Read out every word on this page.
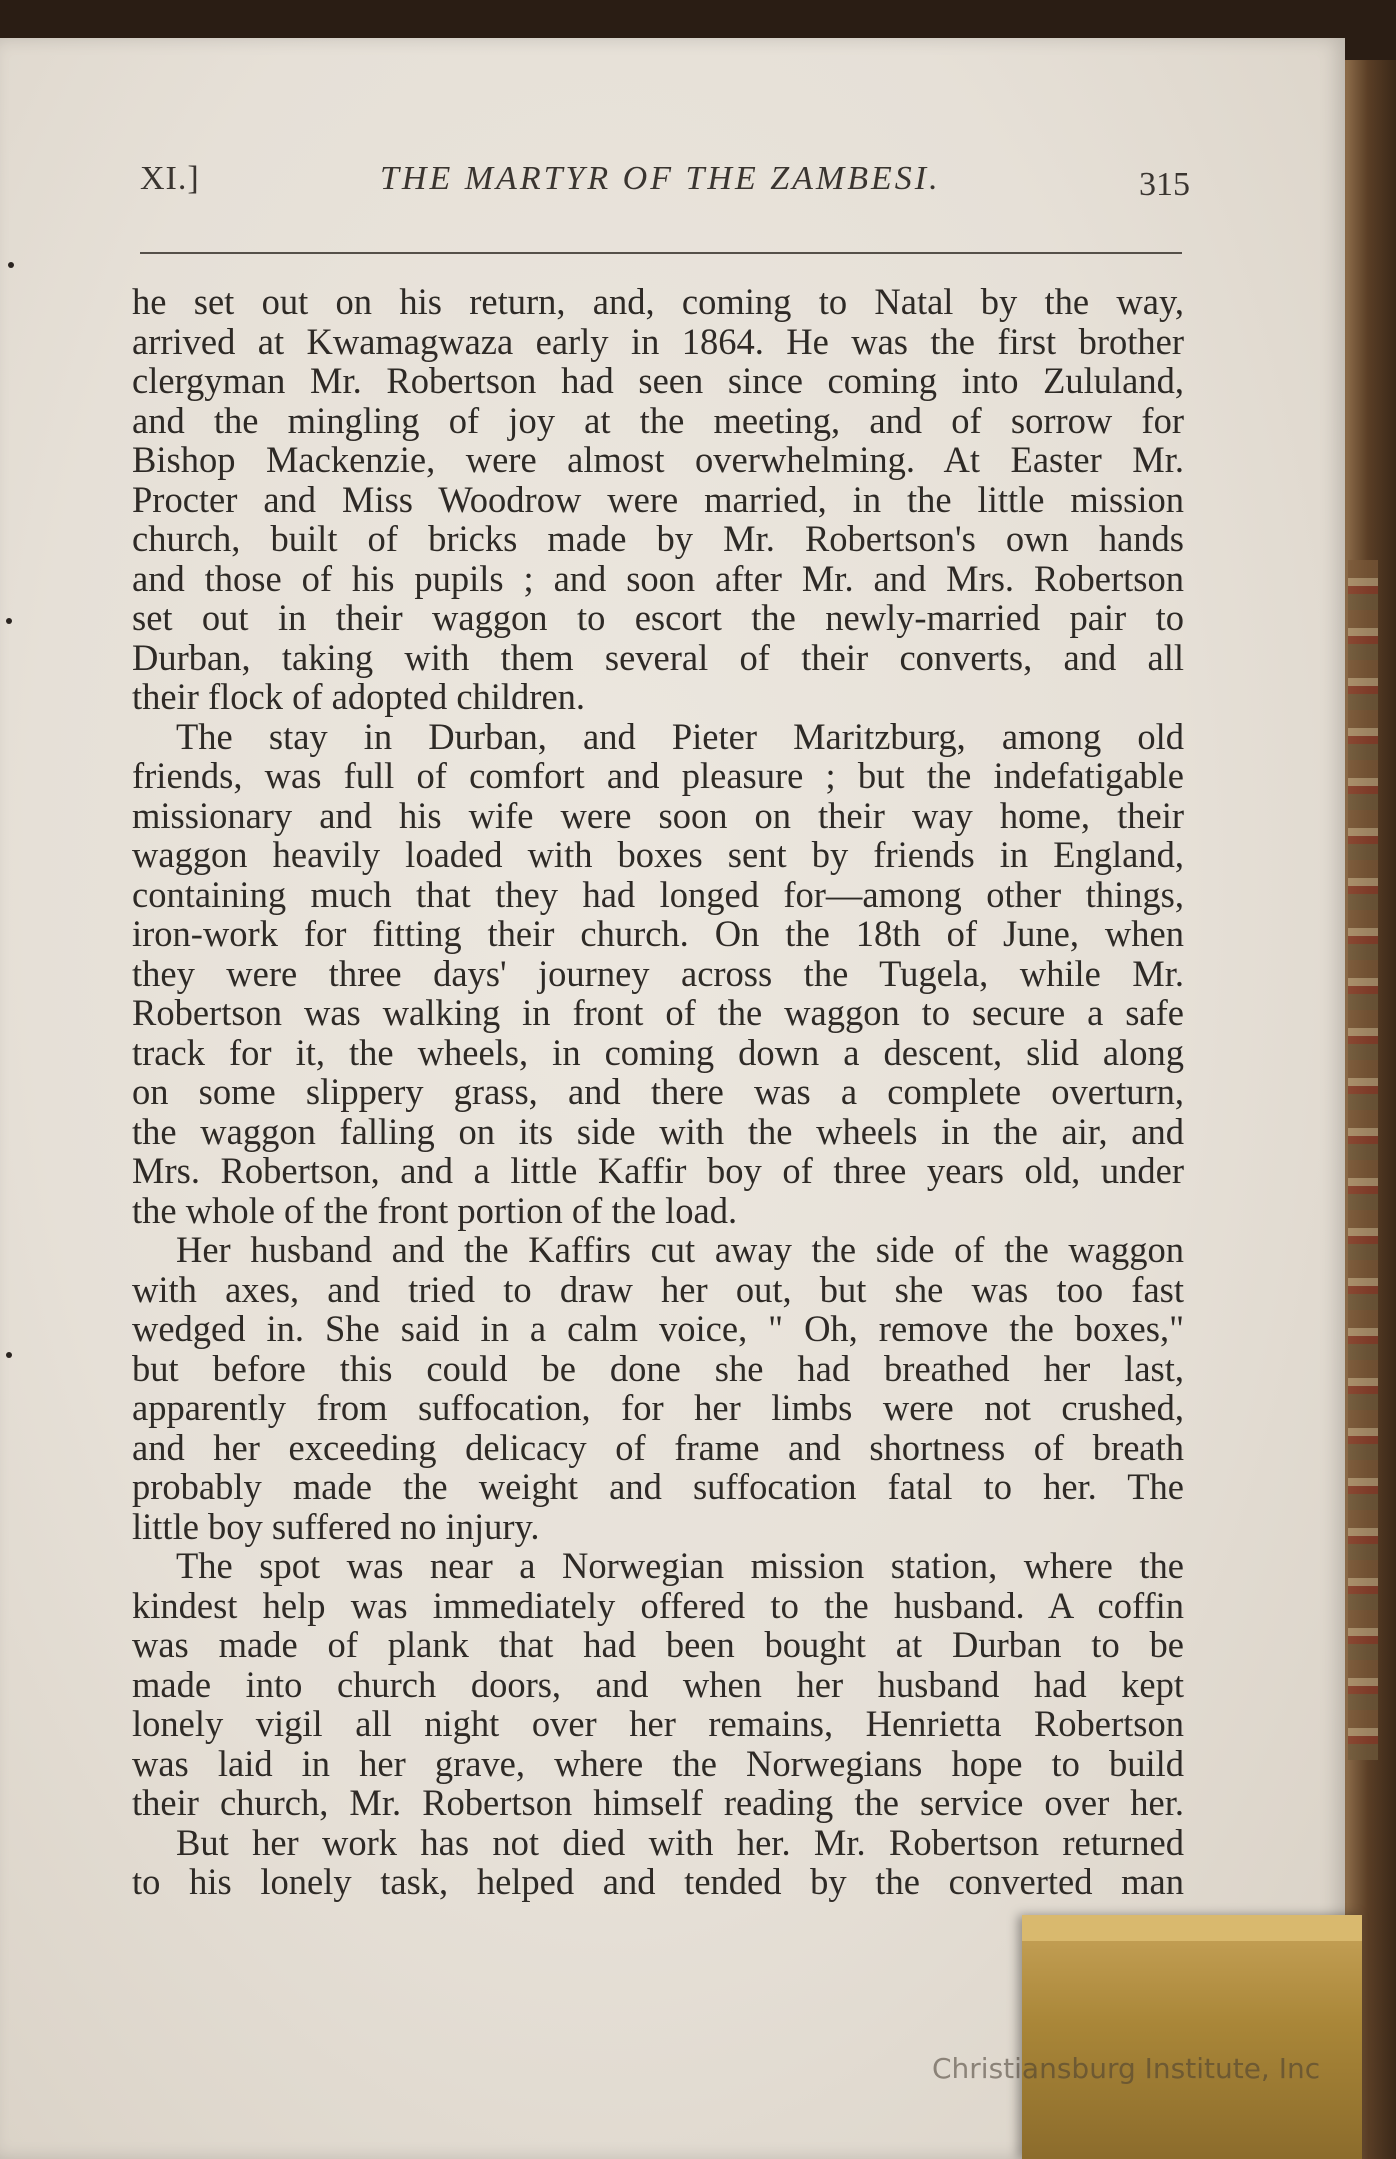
XI.]	THE MARTYR OF THE ZAMBESI.	315
he set out on his return, and, coming to Natal by the way,
arrived at Kwamagwaza early in 1864. He was the first brother
clergyman Mr. Robertson had seen since coming into Zululand,
and the mingling of joy at the meeting, and of sorrow for
Bishop Mackenzie, were almost overwhelming. At Easter Mr.
Procter and Miss Woodrow were married, in the little mission
church, built of bricks made by Mr. Robertson's own hands
and those of his pupils ; and soon after Mr. and Mrs. Robertson
set out in their waggon to escort the newly-married pair to
Durban, taking with them several of their converts, and all
their flock of adopted children.
The stay in Durban, and Pieter Maritzburg, among old
friends, was full of comfort and pleasure ; but the indefatigable
missionary and his wife were soon on their way home, their
waggon heavily loaded with boxes sent by friends in England,
containing much that they had longed for—among other things,
iron-work for fitting their church. On the 18th of June, when
they were three days' journey across the Tugela, while Mr.
Robertson was walking in front of the waggon to secure a safe
track for it, the wheels, in coming down a descent, slid along
on some slippery grass, and there was a complete overturn,
the waggon falling on its side with the wheels in the air, and
Mrs. Robertson, and a little Kaffir boy of three years old, under
the whole of the front portion of the load.
Her husband and the Kaffirs cut away the side of the waggon
with axes, and tried to draw her out, but she was too fast
wedged in. She said in a calm voice, " Oh, remove the boxes,"
but before this could be done she had breathed her last,
apparently from suffocation, for her limbs were not crushed,
and her exceeding delicacy of frame and shortness of breath
probably made the weight and suffocation fatal to her. The
little boy suffered no injury.
The spot was near a Norwegian mission station, where the
kindest help was immediately offered to the husband. A coffin
was made of plank that had been bought at Durban to be
made into church doors, and when her husband had kept
lonely vigil all night over her remains, Henrietta Robertson
was laid in her grave, where the Norwegians hope to build
their church, Mr. Robertson himself reading the service over her.
But her work has not died with her. Mr. Robertson returned
to his lonely task, helped and tended by the converted man
Christiansburg Institute, Inc
